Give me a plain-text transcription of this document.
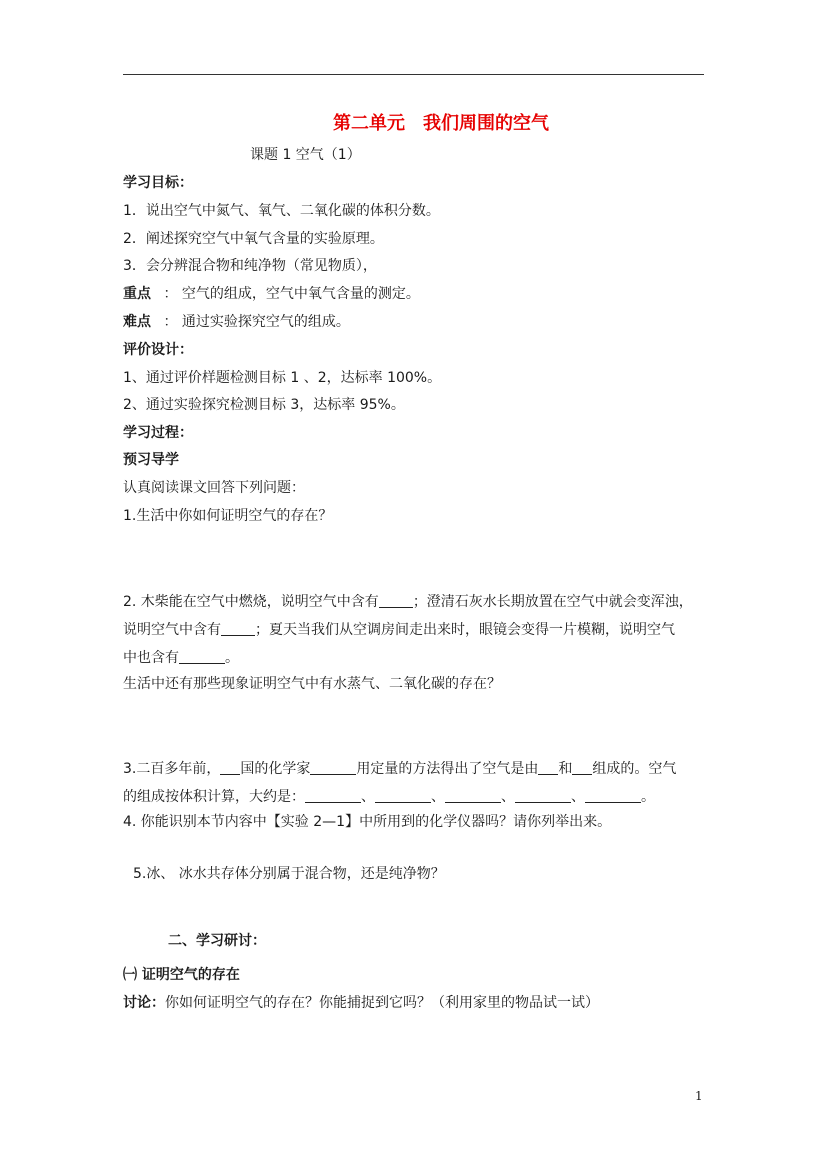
第二单元　我们周围的空气
课题 1 空气（1）
学习目标：
1．说出空气中氮气、氧气、二氧化碳的体积分数。
2．阐述探究空气中氧气含量的实验原理。
3．会分辨混合物和纯净物（常见物质），
重点 ： 空气的组成，空气中氧气含量的测定。
难点 ： 通过实验探究空气的组成。
评价设计：
1、通过评价样题检测目标 1 、2，达标率 100%。
2、通过实验探究检测目标 3，达标率 95%。
学习过程：
预习导学
认真阅读课文回答下列问题：
1.生活中你如何证明空气的存在？
2. 木柴能在空气中燃烧，说明空气中含有 ；澄清石灰水长期放置在空气中就会变浑浊，
说明空气中含有 ；夏天当我们从空调房间走出来时，眼镜会变得一片模糊，说明空气
中也含有	。
生活中还有那些现象证明空气中有水蒸气、二氧化碳的存在？
3.二百多年前， 国的化学家	用定量的方法得出了空气是由 和 组成的。空气
的组成按体积计算，大约是：	、	、	、	、	。
4. 你能识别本节内容中【实验 2—1】中所用到的化学仪器吗？请你列举出来。
5.冰、 冰水共存体分别属于混合物，还是纯净物？
二、学习研讨：
㈠ 证明空气的存在
讨论：你如何证明空气的存在？你能捕捉到它吗？（利用家里的物品试一试）
1
